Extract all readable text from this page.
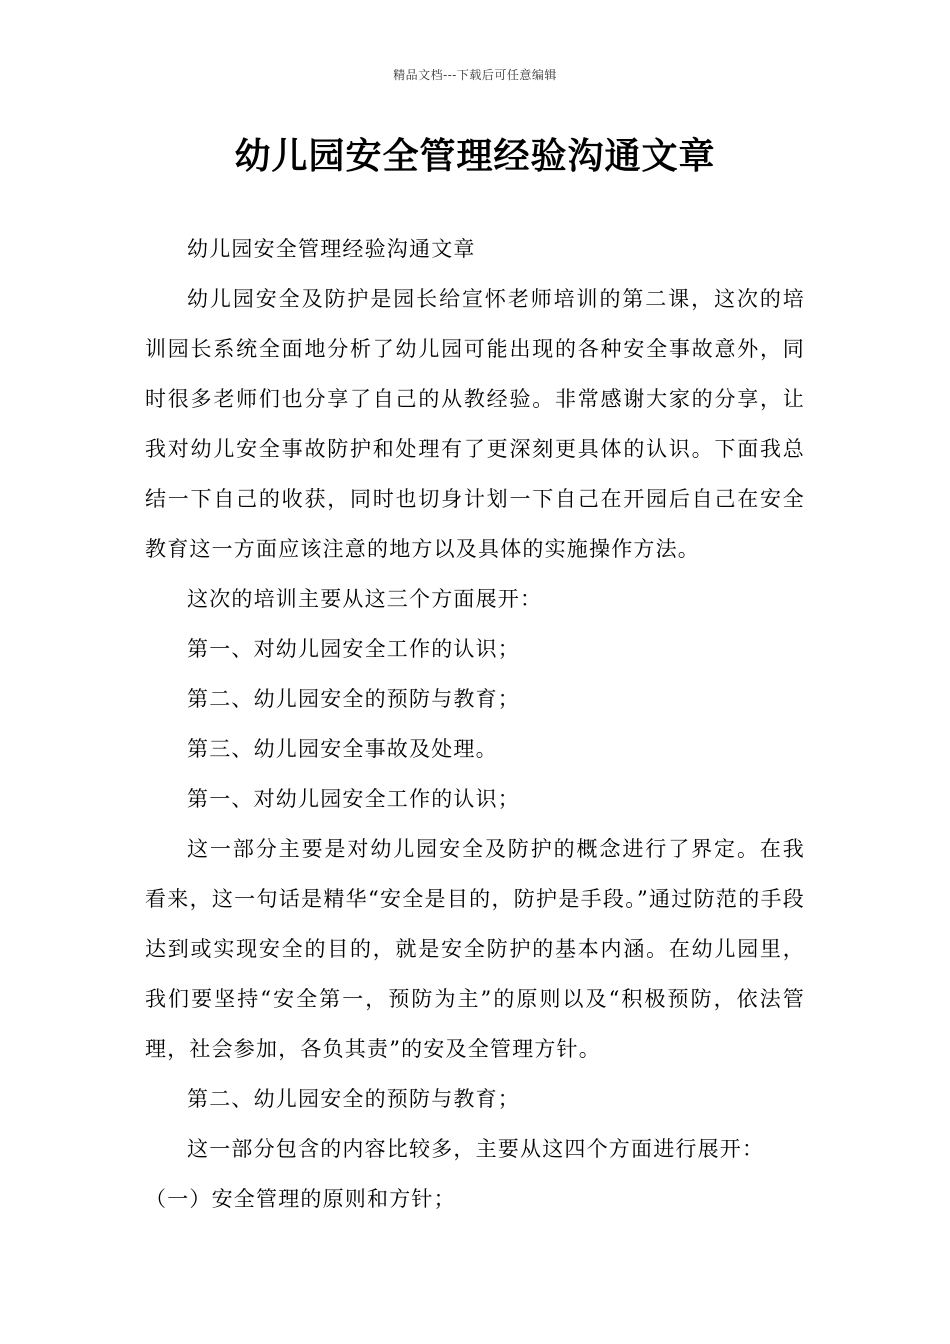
精品文档---下载后可任意编辑
幼儿园安全管理经验沟通文章

幼儿园安全管理经验沟通文章

幼儿园安全及防护是园长给宣怀老师培训的第二课，这次的培训园长系统全面地分析了幼儿园可能出现的各种安全事故意外，同时很多老师们也分享了自己的从教经验。非常感谢大家的分享，让我对幼儿安全事故防护和处理有了更深刻更具体的认识。下面我总结一下自己的收获，同时也切身计划一下自己在开园后自己在安全教育这一方面应该注意的地方以及具体的实施操作方法。

这次的培训主要从这三个方面展开：

第一、对幼儿园安全工作的认识；

第二、幼儿园安全的预防与教育；

第三、幼儿园安全事故及处理。

第一、对幼儿园安全工作的认识；

这一部分主要是对幼儿园安全及防护的概念进行了界定。在我看来，这一句话是精华“安全是目的，防护是手段。”通过防范的手段达到或实现安全的目的，就是安全防护的基本内涵。在幼儿园里，我们要坚持“安全第一，预防为主”的原则以及“积极预防，依法管理，社会参加，各负其责”的安及全管理方针。

第二、幼儿园安全的预防与教育；

这一部分包含的内容比较多，主要从这四个方面进行展开：

（一）安全管理的原则和方针；
